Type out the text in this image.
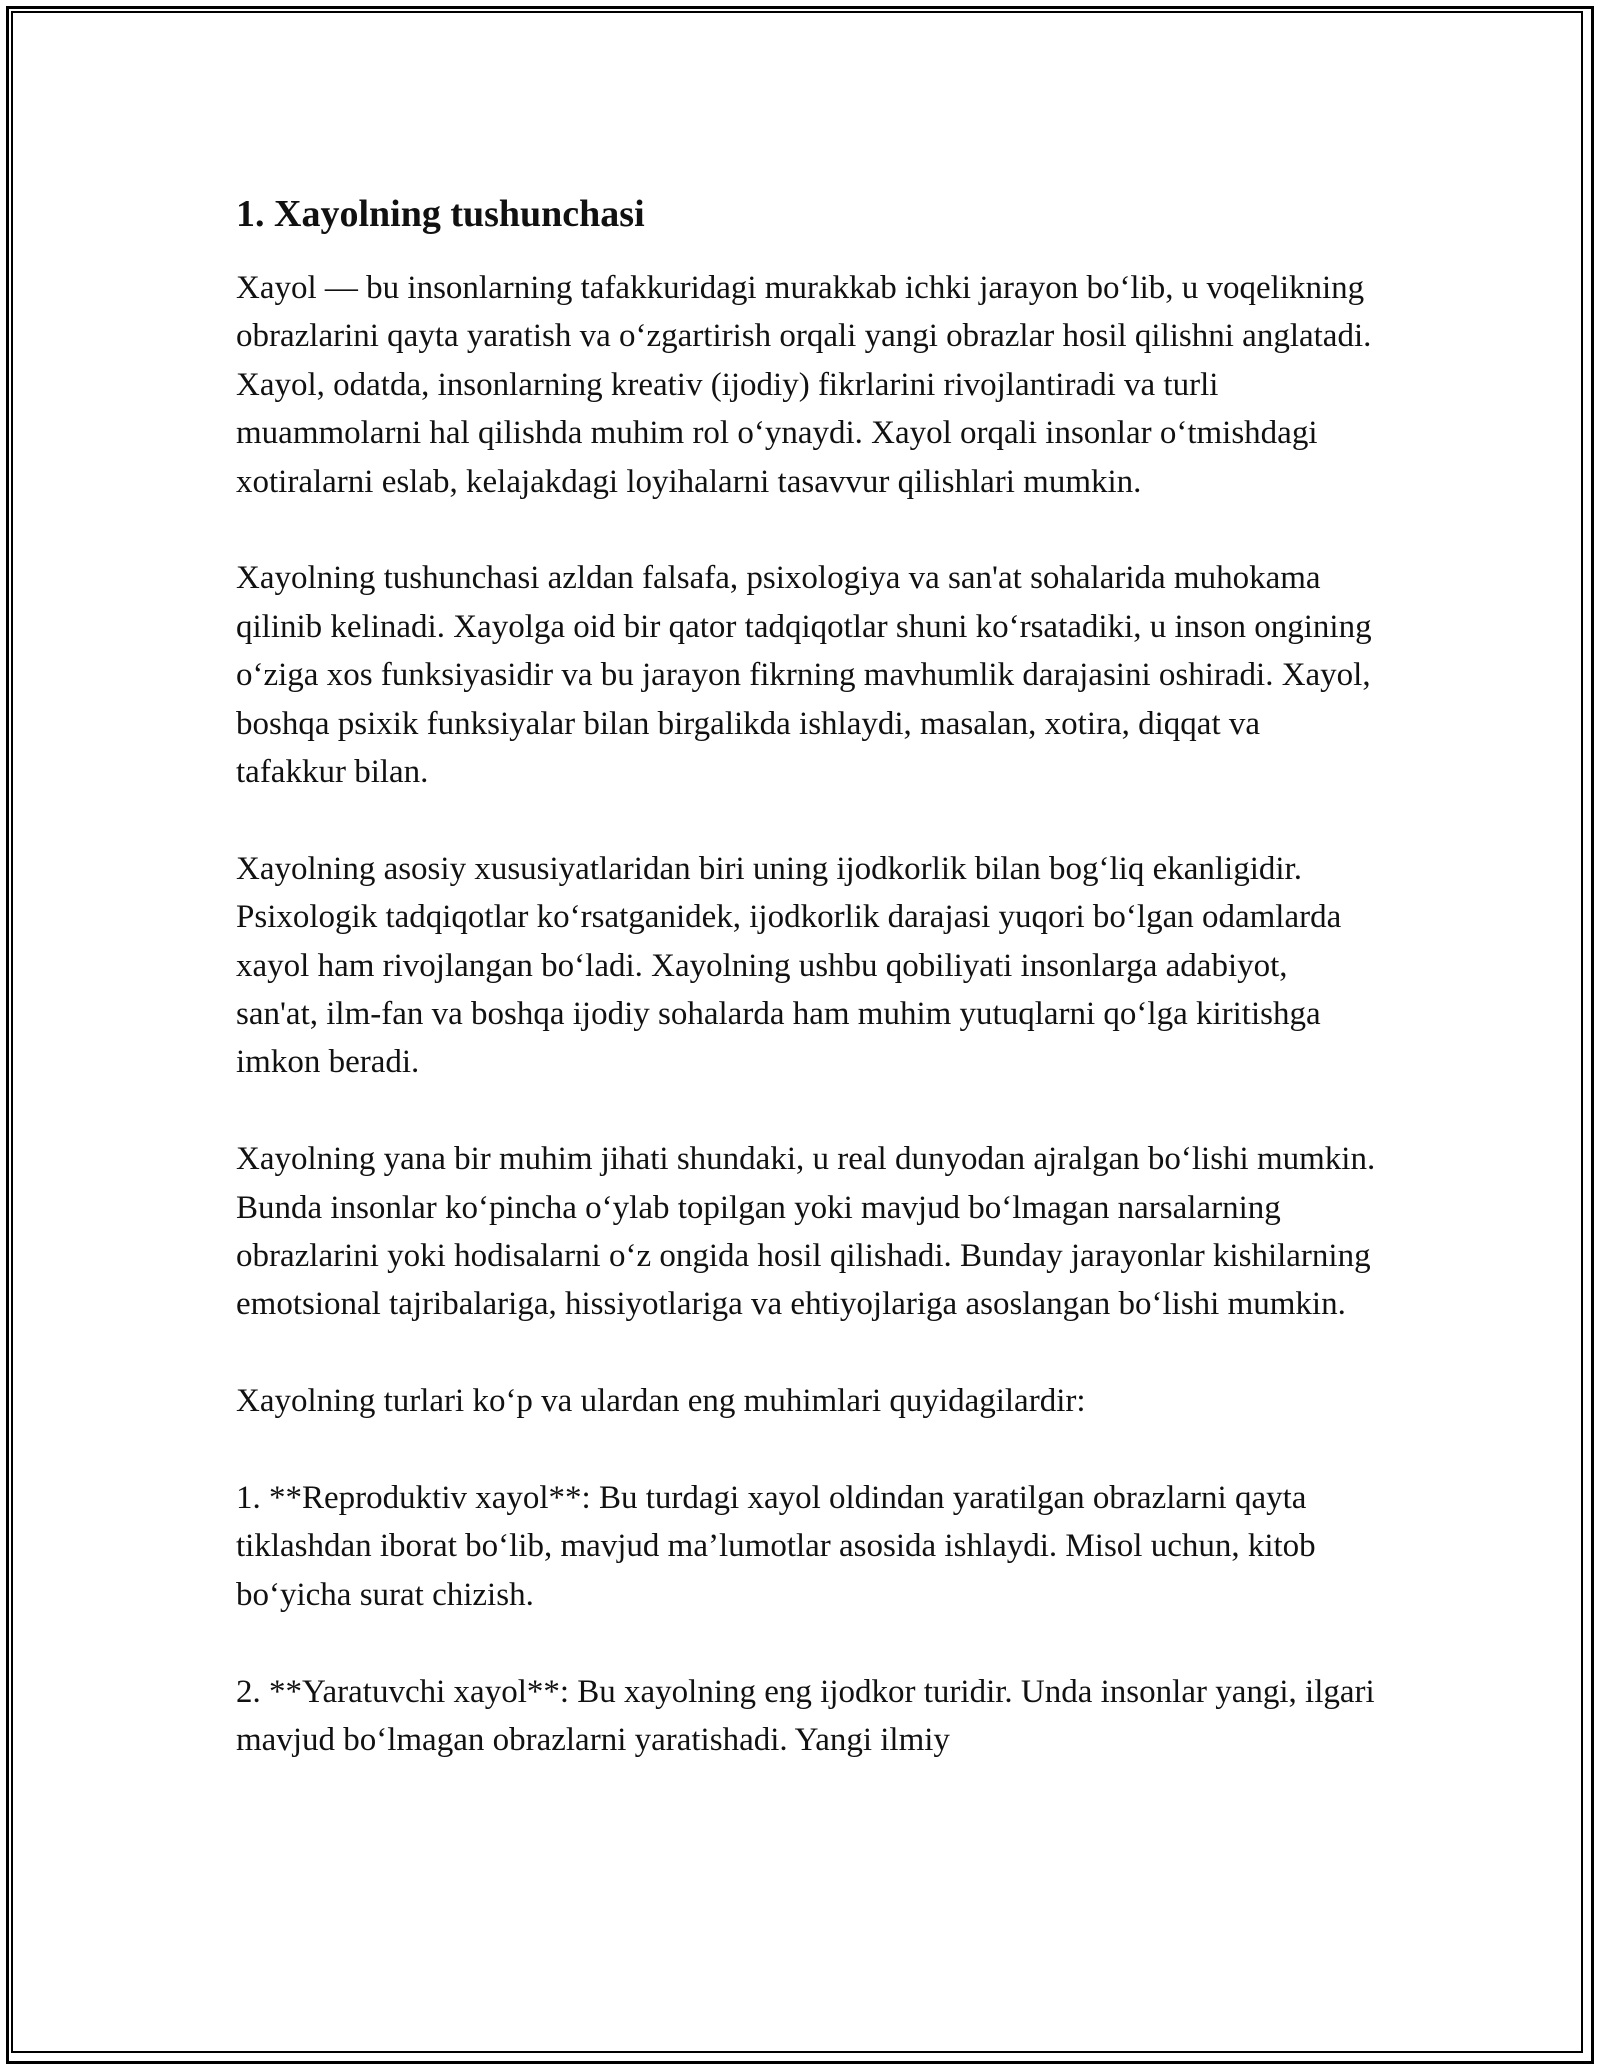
1. Xayolning tushunchasi

Xayol — bu insonlarning tafakkuridagi murakkab ichki jarayon bo‘lib, u voqelikning obrazlarini qayta yaratish va o‘zgartirish orqali yangi obrazlar hosil qilishni anglatadi. Xayol, odatda, insonlarning kreativ (ijodiy) fikrlarini rivojlantiradi va turli muammolarni hal qilishda muhim rol o‘ynaydi. Xayol orqali insonlar o‘tmishdagi xotiralarni eslab, kelajakdagi loyihalarni tasavvur qilishlari mumkin.

Xayolning tushunchasi azldan falsafa, psixologiya va san'at sohalarida muhokama qilinib kelinadi. Xayolga oid bir qator tadqiqotlar shuni ko‘rsatadiki, u inson ongining o‘ziga xos funksiyasidir va bu jarayon fikrning mavhumlik darajasini oshiradi. Xayol, boshqa psixik funksiyalar bilan birgalikda ishlaydi, masalan, xotira, diqqat va tafakkur bilan.

Xayolning asosiy xususiyatlaridan biri uning ijodkorlik bilan bog‘liq ekanligidir. Psixologik tadqiqotlar ko‘rsatganidek, ijodkorlik darajasi yuqori bo‘lgan odamlarda xayol ham rivojlangan bo‘ladi. Xayolning ushbu qobiliyati insonlarga adabiyot, san'at, ilm-fan va boshqa ijodiy sohalarda ham muhim yutuqlarni qo‘lga kiritishga imkon beradi.

Xayolning yana bir muhim jihati shundaki, u real dunyodan ajralgan bo‘lishi mumkin. Bunda insonlar ko‘pincha o‘ylab topilgan yoki mavjud bo‘lmagan narsalarning obrazlarini yoki hodisalarni o‘z ongida hosil qilishadi. Bunday jarayonlar kishilarning emotsional tajribalariga, hissiyotlariga va ehtiyojlariga asoslangan bo‘lishi mumkin.

Xayolning turlari ko‘p va ulardan eng muhimlari quyidagilardir:

1. **Reproduktiv xayol**: Bu turdagi xayol oldindan yaratilgan obrazlarni qayta tiklashdan iborat bo‘lib, mavjud ma’lumotlar asosida ishlaydi. Misol uchun, kitob bo‘yicha surat chizish.

2. **Yaratuvchi xayol**: Bu xayolning eng ijodkor turidir. Unda insonlar yangi, ilgari mavjud bo‘lmagan obrazlarni yaratishadi. Yangi ilmiy
